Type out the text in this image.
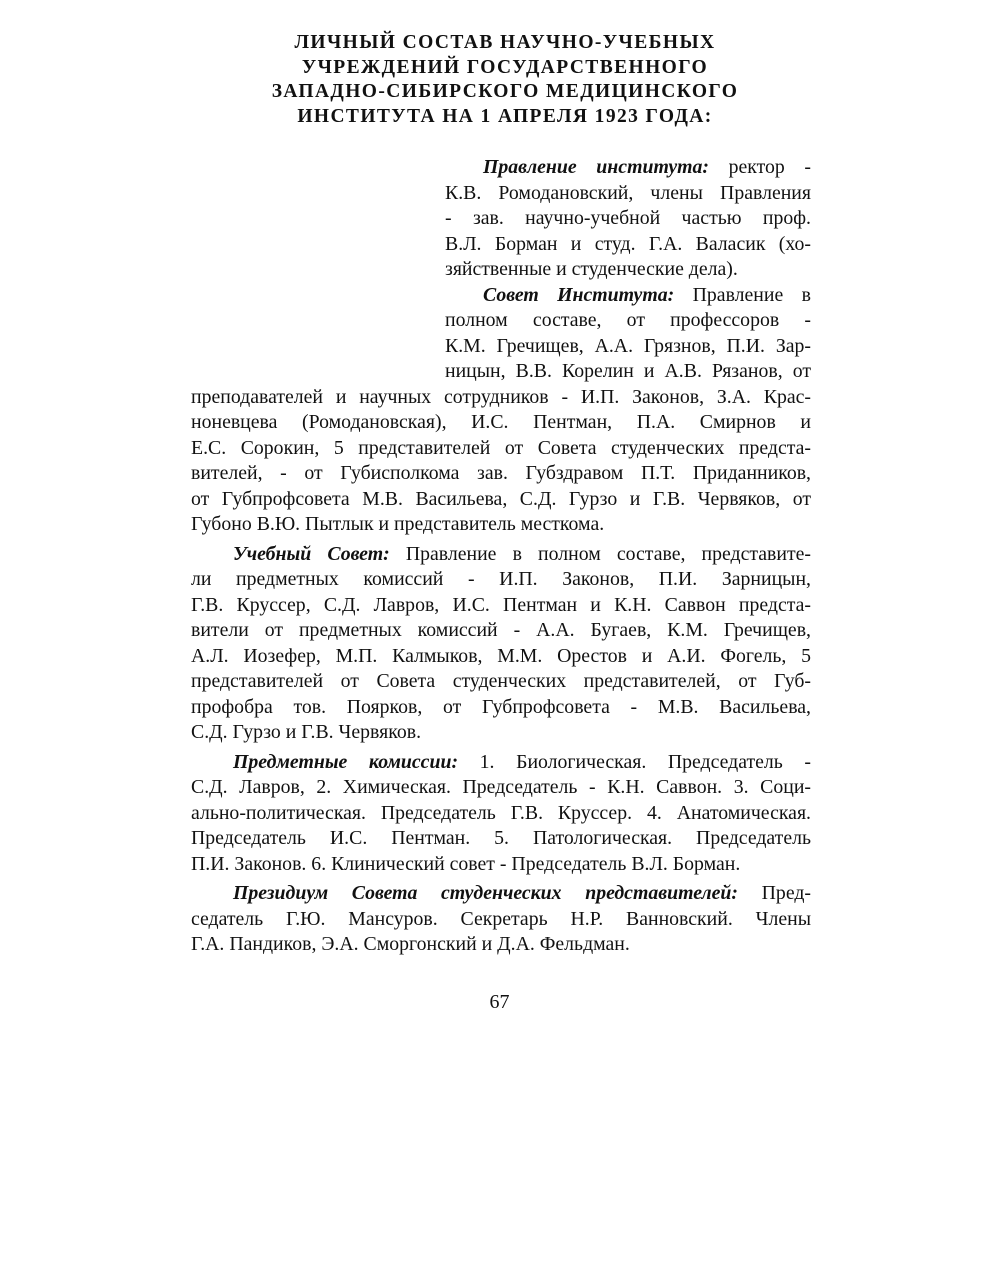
ЛИЧНЫЙ СОСТАВ НАУЧНО-УЧЕБНЫХ
УЧРЕЖДЕНИЙ ГОСУДАРСТВЕННОГО
ЗАПАДНО-СИБИРСКОГО МЕДИЦИНСКОГО
ИНСТИТУТА НА 1 АПРЕЛЯ 1923 ГОДА:
Правление института: ректор -
К.В. Ромодановский, члены Правления
- зав. научно-учебной частью проф.
В.Л. Борман и студ. Г.А. Валасик (хо-
зяйственные и студенческие дела).
Совет Института: Правление в
полном составе, от профессоров -
К.М. Гречищев, А.А. Грязнов, П.И. Зар-
ницын, В.В. Корелин и А.В. Рязанов, от
преподавателей и научных сотрудников - И.П. Законов, З.А. Крас-
ноневцева (Ромодановская), И.С. Пентман, П.А. Смирнов и
Е.С. Сорокин, 5 представителей от Совета студенческих предста-
вителей, - от Губисполкома зав. Губздравом П.Т. Приданников,
от Губпрофсовета М.В. Васильева, С.Д. Гурзо и Г.В. Червяков, от
Губоно В.Ю. Пытлык и представитель месткома.
Учебный Совет: Правление в полном составе, представите-
ли предметных комиссий - И.П. Законов, П.И. Зарницын,
Г.В. Круссер, С.Д. Лавров, И.С. Пентман и К.Н. Саввон предста-
вители от предметных комиссий - А.А. Бугаев, К.М. Гречищев,
А.Л. Иозефер, М.П. Калмыков, М.М. Орестов и А.И. Фогель, 5
представителей от Совета студенческих представителей, от Губ-
профобра тов. Поярков, от Губпрофсовета - М.В. Васильева,
С.Д. Гурзо и Г.В. Червяков.
Предметные комиссии: 1. Биологическая. Председатель -
С.Д. Лавров, 2. Химическая. Председатель - К.Н. Саввон. 3. Соци-
ально-политическая. Председатель Г.В. Круссер. 4. Анатомическая.
Председатель И.С. Пентман. 5. Патологическая. Председатель
П.И. Законов. 6. Клинический совет - Председатель В.Л. Борман.
Президиум Совета студенческих представителей: Пред-
седатель Г.Ю. Мансуров. Секретарь Н.Р. Ванновский. Члены
Г.А. Пандиков, Э.А. Сморгонский и Д.А. Фельдман.
67
